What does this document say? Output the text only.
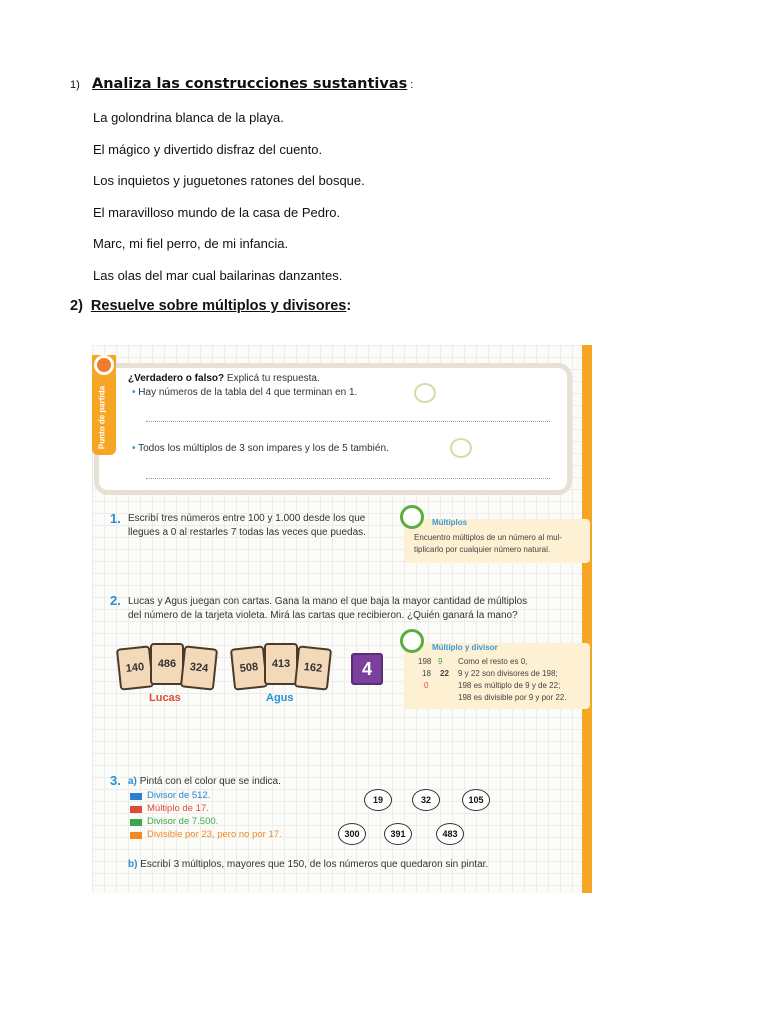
1) Analiza las construcciones sustantivas :
La golondrina blanca de la playa.
El mágico y divertido disfraz del cuento.
Los inquietos y juguetones ratones del bosque.
El maravilloso mundo de la casa de Pedro.
Marc, mi fiel perro, de mi infancia.
Las olas del mar cual bailarinas danzantes.
2) Resuelve sobre múltiplos y divisores:
Punto de partida
¿Verdadero o falso? Explicá tu respuesta.
• Hay números de la tabla del 4 que terminan en 1.
• Todos los múltiplos de 3 son impares y los de 5 también.
1. Escribí tres números entre 100 y 1.000 desde los que
llegues a 0 al restarles 7 todas las veces que puedas.
Múltiplos
Encuentro múltiplos de un número al mul-
tiplicarlo por cualquier número natural.
2. Lucas y Agus juegan con cartas. Gana la mano el que baja la mayor cantidad de múltiplos
del número de la tarjeta violeta. Mirá las cartas que recibieron. ¿Quién ganará la mano?
140	486	324
Lucas
508	413	162
Agus
4
Múltiplo y divisor
198 9
18 22
0
Como el resto es 0,
9 y 22 son divisores de 198;
198 es múltiplo de 9 y de 22;
198 es divisible por 9 y por 22.
3. a) Pintá con el color que se indica.
Divisor de 512.
Múltiplo de 17.
Divisor de 7.500.
Divisible por 23, pero no por 17.
19	32	105
300	391	483
b) Escribí 3 múltiplos, mayores que 150, de los números que quedaron sin pintar.
